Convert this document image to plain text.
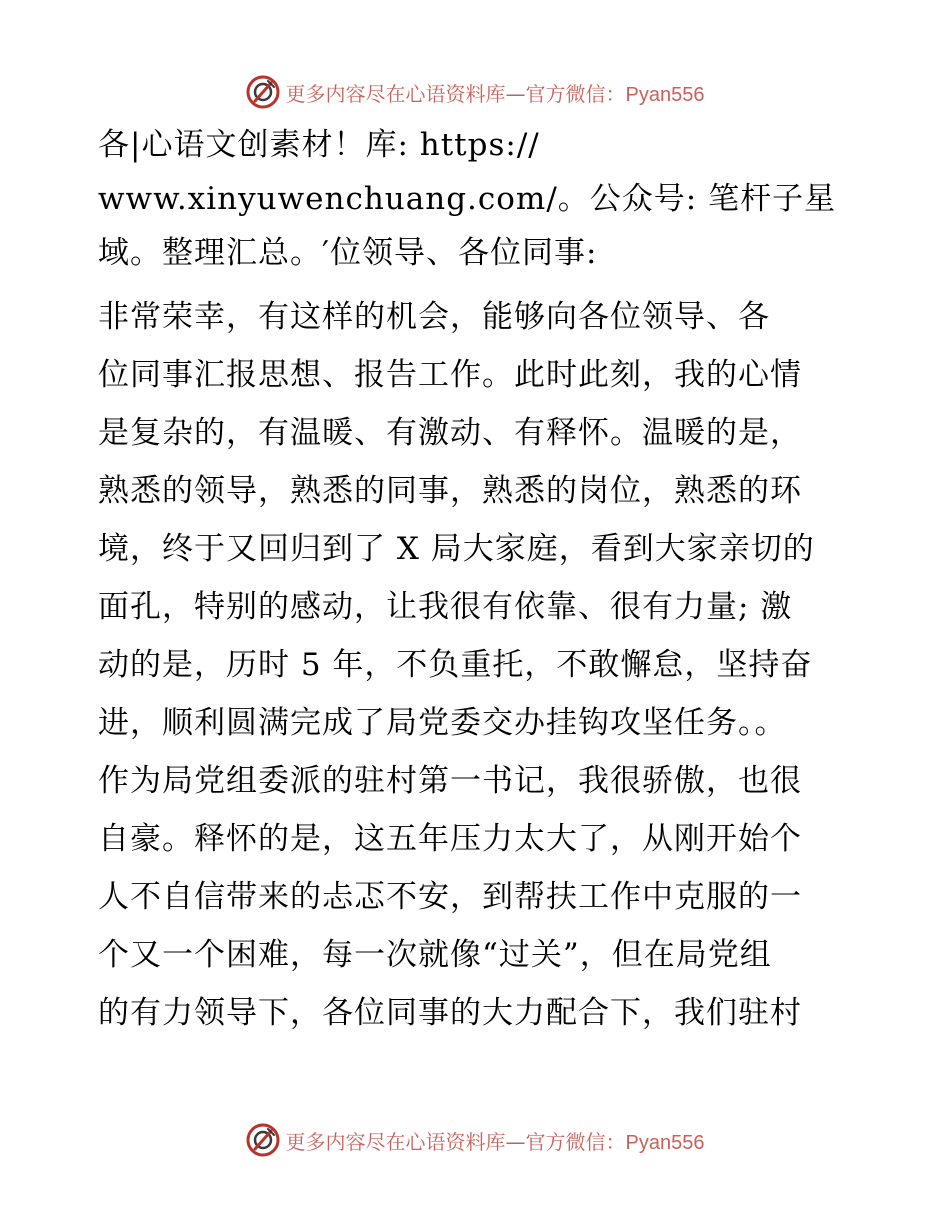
更多内容尽在心语资料库—官方微信：Pyan556

各|心语文创素材！库: https://
www.xinyuwenchuang.com/。公众号: 笔杆子星
域。整理汇总。′位领导、各位同事:

非常荣幸，有这样的机会，能够向各位领导、各
位同事汇报思想、报告工作。此时此刻，我的心情
是复杂的，有温暖、有激动、有释怀。温暖的是，
熟悉的领导，熟悉的同事，熟悉的岗位，熟悉的环
境，终于又回归到了 X 局大家庭，看到大家亲切的
面孔，特别的感动，让我很有依靠、很有力量; 激
动的是，历时 5 年，不负重托，不敢懈怠，坚持奋
进，顺利圆满完成了局党委交办挂钩攻坚任务。。
作为局党组委派的驻村第一书记，我很骄傲，也很
自豪。释怀的是，这五年压力太大了，从刚开始个
人不自信带来的忐忑不安，到帮扶工作中克服的一
个又一个困难，每一次就像“过关”，但在局党组
的有力领导下，各位同事的大力配合下，我们驻村

更多内容尽在心语资料库—官方微信：Pyan556
